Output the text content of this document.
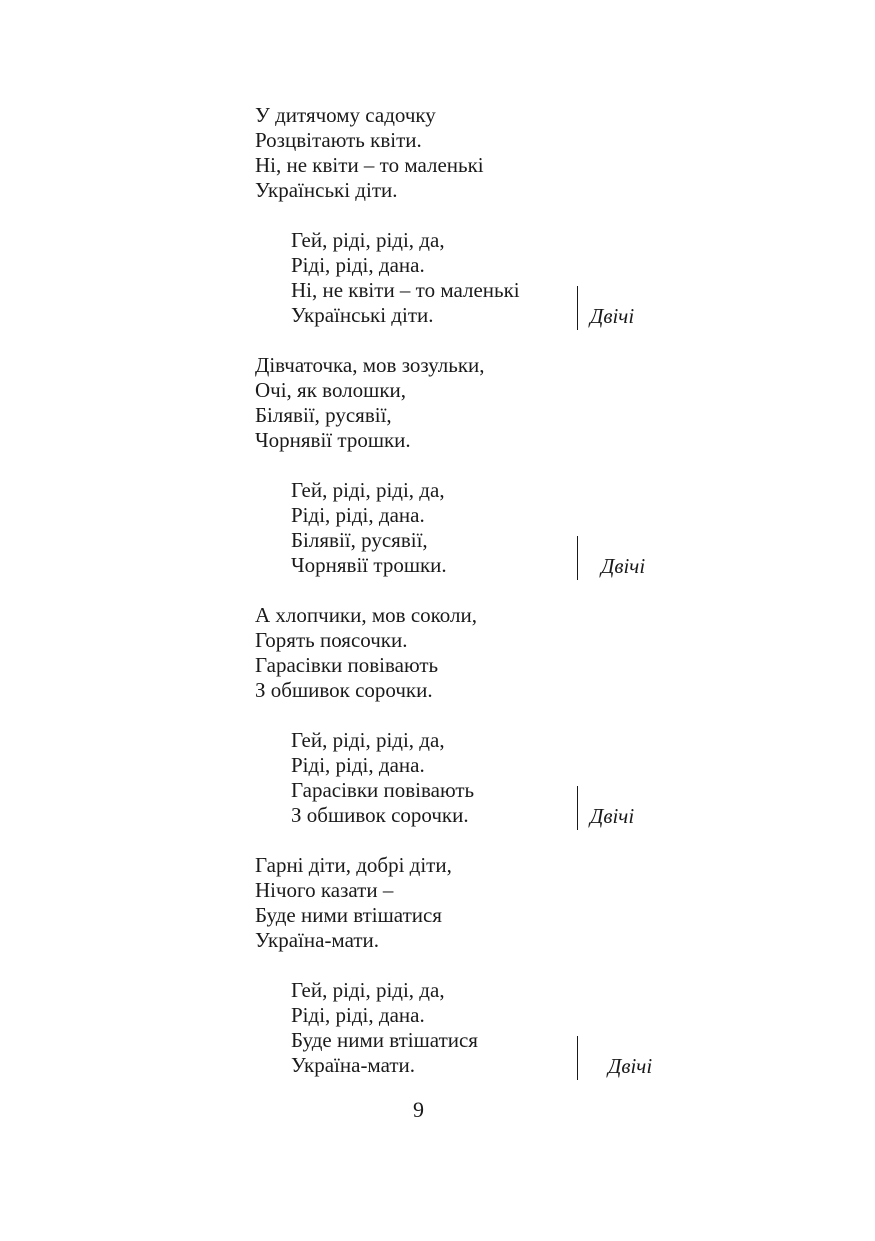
У дитячому садочку
Розцвітають квіти.
Ні, не квіти – то маленькі
Українські діти.
Гей, ріді, ріді, да,
Ріді, ріді, дана.
Ні, не квіти – то маленькі
Українські діти.	Двічі
Дівчаточка, мов зозульки,
Очі, як волошки,
Білявії, русявії,
Чорнявії трошки.
Гей, ріді, ріді, да,
Ріді, ріді, дана.
Білявії, русявії,
Чорнявії трошки.	Двічі
А хлопчики, мов соколи,
Горять поясочки.
Гарасівки повівають
З обшивок сорочки.
Гей, ріді, ріді, да,
Ріді, ріді, дана.
Гарасівки повівають
З обшивок сорочки.	Двічі
Гарні діти, добрі діти,
Нічого казати –
Буде ними втішатися
Україна-мати.
Гей, ріді, ріді, да,
Ріді, ріді, дана.
Буде ними втішатися
Україна-мати.	Двічі
9
